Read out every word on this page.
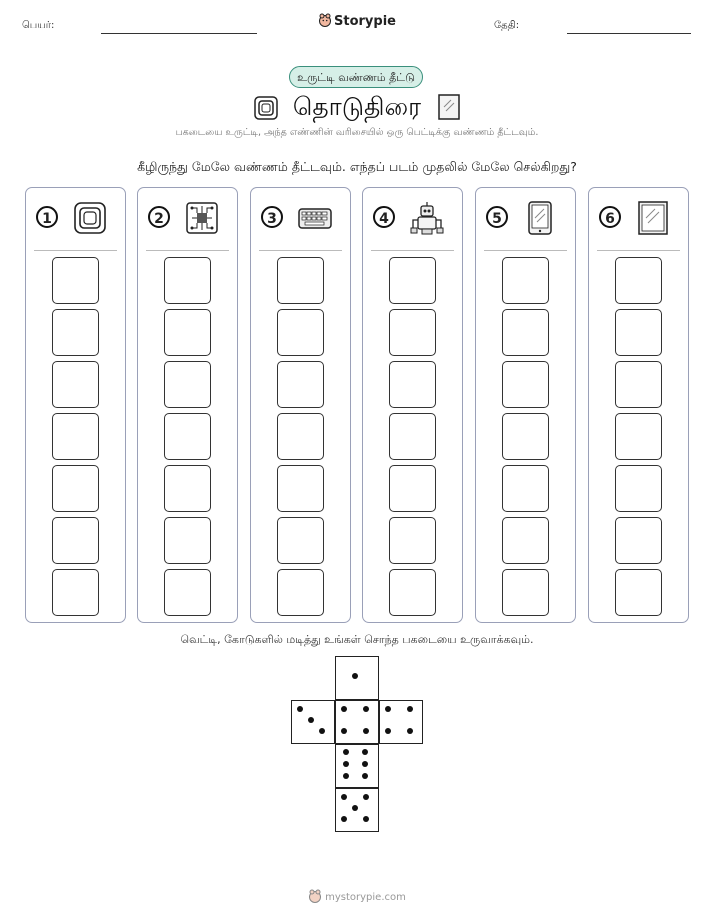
பெயர்:	தேதி:
Storypie
உருட்டி வண்ணம் தீட்டு
தொடுதிரை
பகடையை உருட்டி, அந்த எண்ணின் வரிசையில் ஒரு பெட்டிக்கு வண்ணம் தீட்டவும்.
கீழிருந்து மேலே வண்ணம் தீட்டவும். எந்தப் படம் முதலில் மேலே செல்கிறது?
1	2	3	4	5	6
வெட்டி, கோடுகளில் மடித்து உங்கள் சொந்த பகடையை உருவாக்கவும்.
mystorypie.com
